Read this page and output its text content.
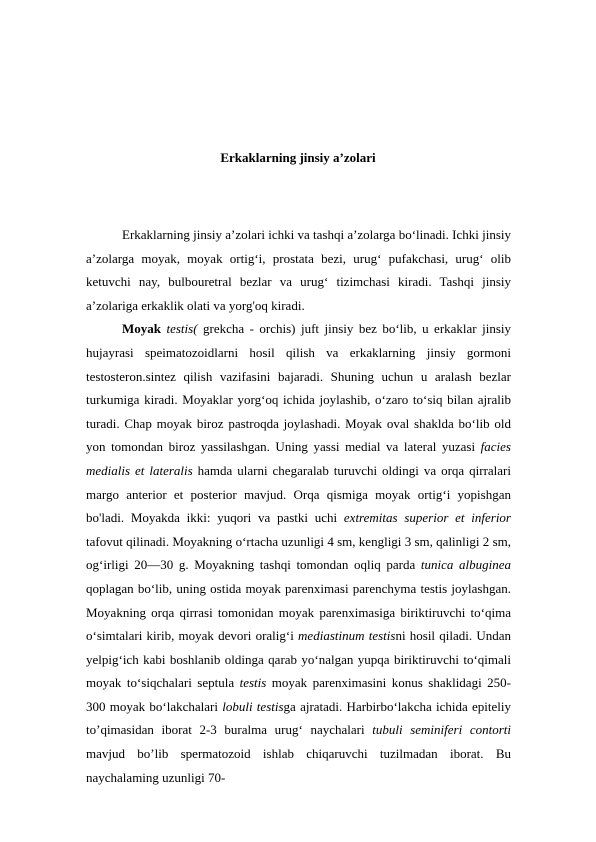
Erkaklarning jinsiy a’zolari

Erkaklarning jinsiy a’zolari ichki va tashqi a’zolarga bo‘linadi. Ichki jinsiy a’zolarga moyak, moyak ortig‘i, prostata bezi, urug‘ pufakchasi, urug‘ olib ketuvchi nay, bulbouretral bezlar va urug‘ tizimchasi kiradi. Tashqi jinsiy a’zolariga erkaklik olati va yorg'oq kiradi.

Moyak testis( grekcha - orchis) juft jinsiy bez bo‘lib, u erkaklar jinsiy hujayrasi speimatozoidlarni hosil qilish va erkaklarning jinsiy gormoni testosteron.sintez qilish vazifasini bajaradi. Shuning uchun u aralash bezlar turkumiga kiradi. Moyaklar yorg‘oq ichida joylashib, o‘zaro to‘siq bilan ajralib turadi. Chap moyak biroz pastroqda joylashadi. Moyak oval shaklda bo‘lib old yon tomondan biroz yassilashgan. Uning yassi medial va lateral yuzasi facies medialis et lateralis hamda ularni chegaralab turuvchi oldingi va orqa qirralari margo anterior et posterior mavjud. Orqa qismiga moyak ortig‘i yopishgan bo'ladi. Moyakda ikki: yuqori va pastki uchi extremitas superior et inferior tafovut qilinadi. Moyakning o‘rtacha uzunligi 4 sm, kengligi 3 sm, qalinligi 2 sm, og‘irligi 20—30 g. Moyakning tashqi tomondan oqliq parda tunica albuginea qoplagan bo‘lib, uning ostida moyak parenximasi parenchyma testis joylashgan. Moyakning orqa qirrasi tomonidan moyak parenximasiga biriktiruvchi to‘qima o‘simtalari kirib, moyak devori oralig‘i mediastinum testisni hosil qiladi. Undan yelpig‘ich kabi boshlanib oldinga qarab yo‘nalgan yupqa biriktiruvchi to‘qimali moyak to‘siqchalari septula testis moyak parenximasini konus shaklidagi 250-300 moyak bo‘lakchalari lobuli testisga ajratadi. Harbirbo‘lakcha ichida epiteliy to’qimasidan iborat 2-3 buralma urug‘ naychalari tubuli seminiferi contorti mavjud bo’lib spermatozoid ishlab chiqaruvchi tuzilmadan iborat. Bu naychalaming uzunligi 70-
